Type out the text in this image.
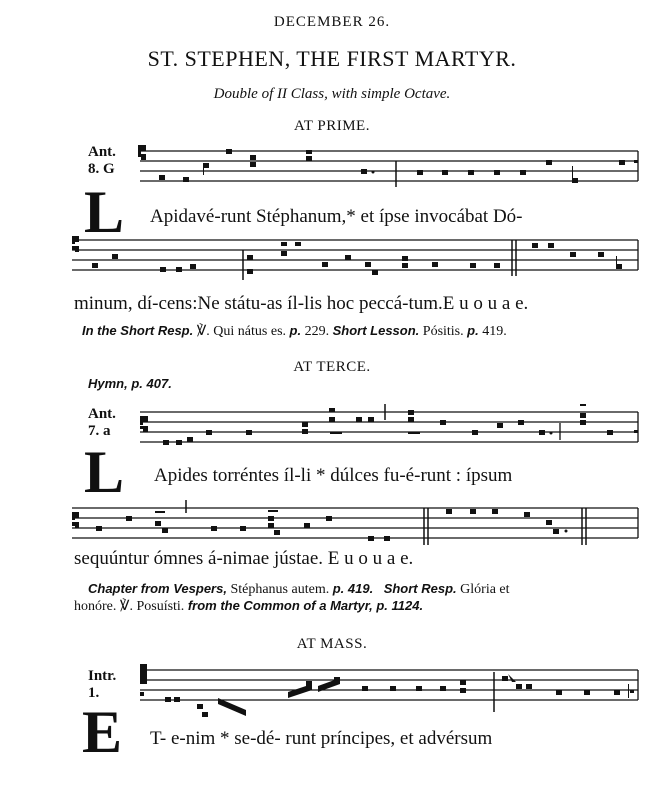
DECEMBER 26.
ST. STEPHEN, THE FIRST MARTYR.
Double of II Class, with simple Octave.
AT PRIME.
Ant.
8. G
L Apidavé-runt Stéphanum,* et ípse invocábat Dó-
minum, dí-cens:Ne státu-as íl-lis hoc peccá-tum.E u o u a e.
In the Short Resp. ℣. Qui nátus es. p. 229. Short Lesson. Pósitis. p. 419.
AT TERCE.
Hymn, p. 407.
Ant.
7. a
L Apides torréntes íl-li * dúlces fu-é-runt : ípsum
sequúntur ómnes á-nimae jústae. E u o u a e.
Chapter from Vespers, Stéphanus autem. p. 419. Short Resp. Glória et
honóre. ℣. Posuísti. from the Common of a Martyr, p. 1124.
AT MASS.
Intr.
1.
E T- e-nim * se-dé- runt príncipes, et advérsum
